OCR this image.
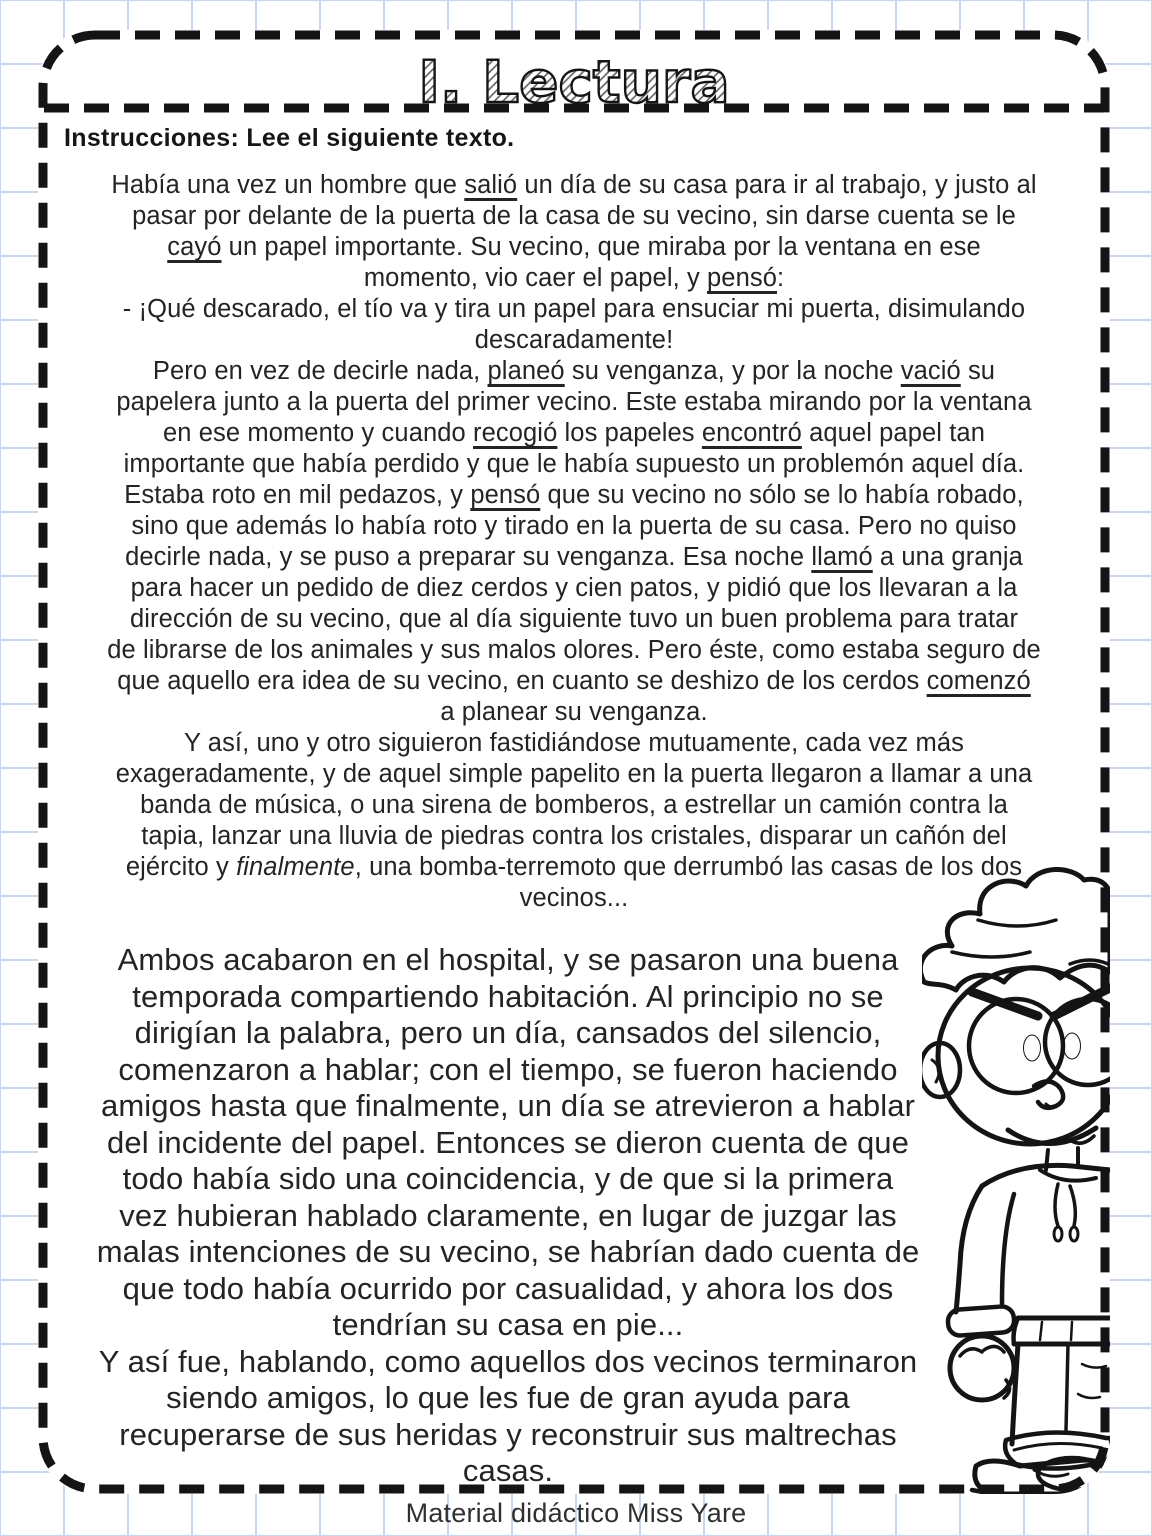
I. Lectura
Instrucciones: Lee el siguiente texto.
Había una vez un hombre que salió un día de su casa para ir al trabajo, y justo al
pasar por delante de la puerta de la casa de su vecino, sin darse cuenta se le
cayó un papel importante. Su vecino, que miraba por la ventana en ese
momento, vio caer el papel, y pensó:
- ¡Qué descarado, el tío va y tira un papel para ensuciar mi puerta, disimulando
descaradamente!
Pero en vez de decirle nada, planeó su venganza, y por la noche vació su
papelera junto a la puerta del primer vecino. Este estaba mirando por la ventana
en ese momento y cuando recogió los papeles encontró aquel papel tan
importante que había perdido y que le había supuesto un problemón aquel día.
Estaba roto en mil pedazos, y pensó que su vecino no sólo se lo había robado,
sino que además lo había roto y tirado en la puerta de su casa. Pero no quiso
decirle nada, y se puso a preparar su venganza. Esa noche llamó a una granja
para hacer un pedido de diez cerdos y cien patos, y pidió que los llevaran a la
dirección de su vecino, que al día siguiente tuvo un buen problema para tratar
de librarse de los animales y sus malos olores. Pero éste, como estaba seguro de
que aquello era idea de su vecino, en cuanto se deshizo de los cerdos comenzó
a planear su venganza.
Y así, uno y otro siguieron fastidiándose mutuamente, cada vez más
exageradamente, y de aquel simple papelito en la puerta llegaron a llamar a una
banda de música, o una sirena de bomberos, a estrellar un camión contra la
tapia, lanzar una lluvia de piedras contra los cristales, disparar un cañón del
ejército y finalmente, una bomba-terremoto que derrumbó las casas de los dos
vecinos...
Ambos acabaron en el hospital, y se pasaron una buena
temporada compartiendo habitación. Al principio no se
dirigían la palabra, pero un día, cansados del silencio,
comenzaron a hablar; con el tiempo, se fueron haciendo
amigos hasta que finalmente, un día se atrevieron a hablar
del incidente del papel. Entonces se dieron cuenta de que
todo había sido una coincidencia, y de que si la primera
vez hubieran hablado claramente, en lugar de juzgar las
malas intenciones de su vecino, se habrían dado cuenta de
que todo había ocurrido por casualidad, y ahora los dos
tendrían su casa en pie...
Y así fue, hablando, como aquellos dos vecinos terminaron
siendo amigos, lo que les fue de gran ayuda para
recuperarse de sus heridas y reconstruir sus maltrechas
casas.
Material didáctico Miss Yare
